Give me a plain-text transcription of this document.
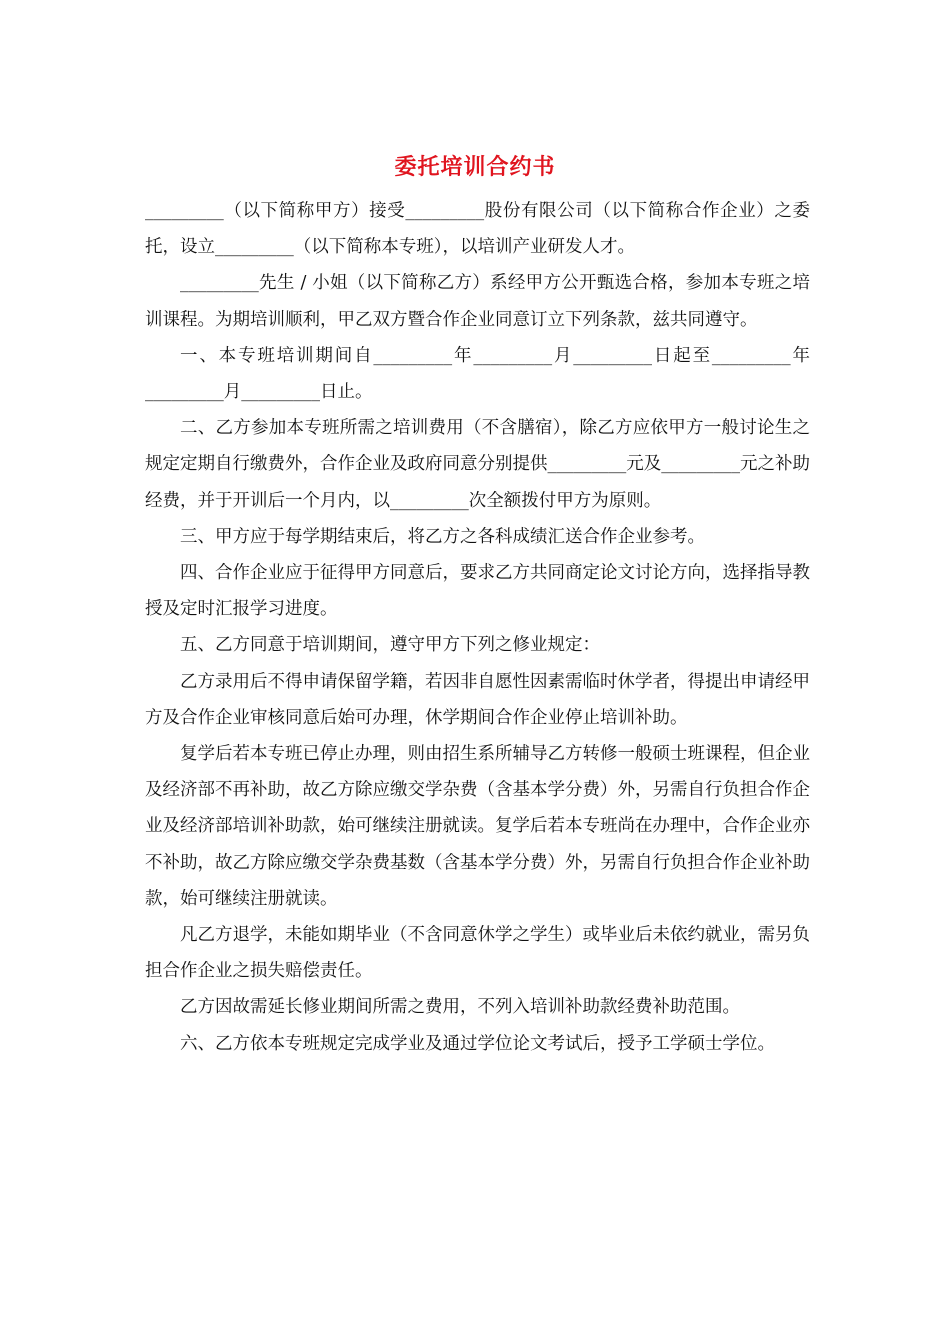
委托培训合约书

_________（以下简称甲方）接受_________股份有限公司（以下简称合作企业）之委托，设立_________（以下简称本专班），以培训产业研发人才。

_________先生 / 小姐（以下简称乙方）系经甲方公开甄选合格，参加本专班之培训课程。为期培训顺利，甲乙双方暨合作企业同意订立下列条款，兹共同遵守。

一、本专班培训期间自_________年_________月_________日起至_________年_________月_________日止。

二、乙方参加本专班所需之培训费用（不含膳宿），除乙方应依甲方一般讨论生之规定定期自行缴费外，合作企业及政府同意分别提供_________元及_________元之补助经费，并于开训后一个月内，以_________次全额拨付甲方为原则。

三、甲方应于每学期结束后，将乙方之各科成绩汇送合作企业参考。

四、合作企业应于征得甲方同意后，要求乙方共同商定论文讨论方向，选择指导教授及定时汇报学习进度。

五、乙方同意于培训期间，遵守甲方下列之修业规定：

乙方录用后不得申请保留学籍，若因非自愿性因素需临时休学者，得提出申请经甲方及合作企业审核同意后始可办理，休学期间合作企业停止培训补助。

复学后若本专班已停止办理，则由招生系所辅导乙方转修一般硕士班课程，但企业及经济部不再补助，故乙方除应缴交学杂费（含基本学分费）外，另需自行负担合作企业及经济部培训补助款，始可继续注册就读。复学后若本专班尚在办理中，合作企业亦不补助，故乙方除应缴交学杂费基数（含基本学分费）外，另需自行负担合作企业补助款，始可继续注册就读。

凡乙方退学，未能如期毕业（不含同意休学之学生）或毕业后未依约就业，需另负担合作企业之损失赔偿责任。

乙方因故需延长修业期间所需之费用，不列入培训补助款经费补助范围。

六、乙方依本专班规定完成学业及通过学位论文考试后，授予工学硕士学位。
